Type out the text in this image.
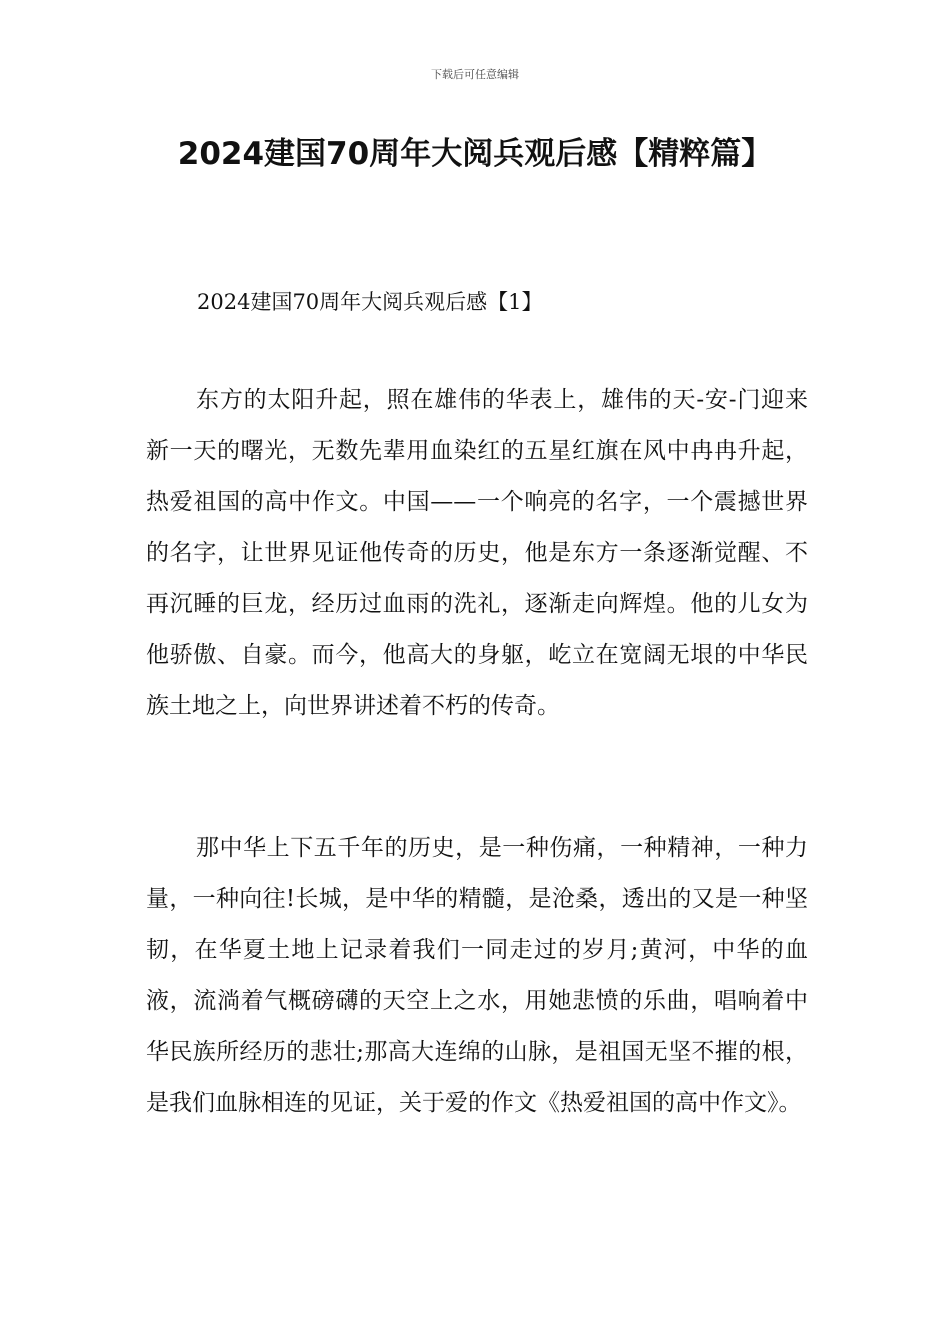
下载后可任意编辑
2024建国70周年大阅兵观后感【精粹篇】
2024建国70周年大阅兵观后感【1】

东方的太阳升起，照在雄伟的华表上，雄伟的天-安-门迎来新一天的曙光，无数先辈用血染红的五星红旗在风中冉冉升起，热爱祖国的高中作文。中国——一个响亮的名字，一个震撼世界的名字，让世界见证他传奇的历史，他是东方一条逐渐觉醒、不再沉睡的巨龙，经历过血雨的洗礼，逐渐走向辉煌。他的儿女为他骄傲、自豪。而今，他高大的身躯，屹立在宽阔无垠的中华民族土地之上，向世界讲述着不朽的传奇。

那中华上下五千年的历史，是一种伤痛，一种精神，一种力量，一种向往!长城，是中华的精髓，是沧桑，透出的又是一种坚韧，在华夏土地上记录着我们一同走过的岁月;黄河，中华的血液，流淌着气概磅礴的天空上之水，用她悲愤的乐曲，唱响着中华民族所经历的悲壮;那高大连绵的山脉，是祖国无坚不摧的根，是我们血脉相连的见证，关于爱的作文《热爱祖国的高中作文》。
